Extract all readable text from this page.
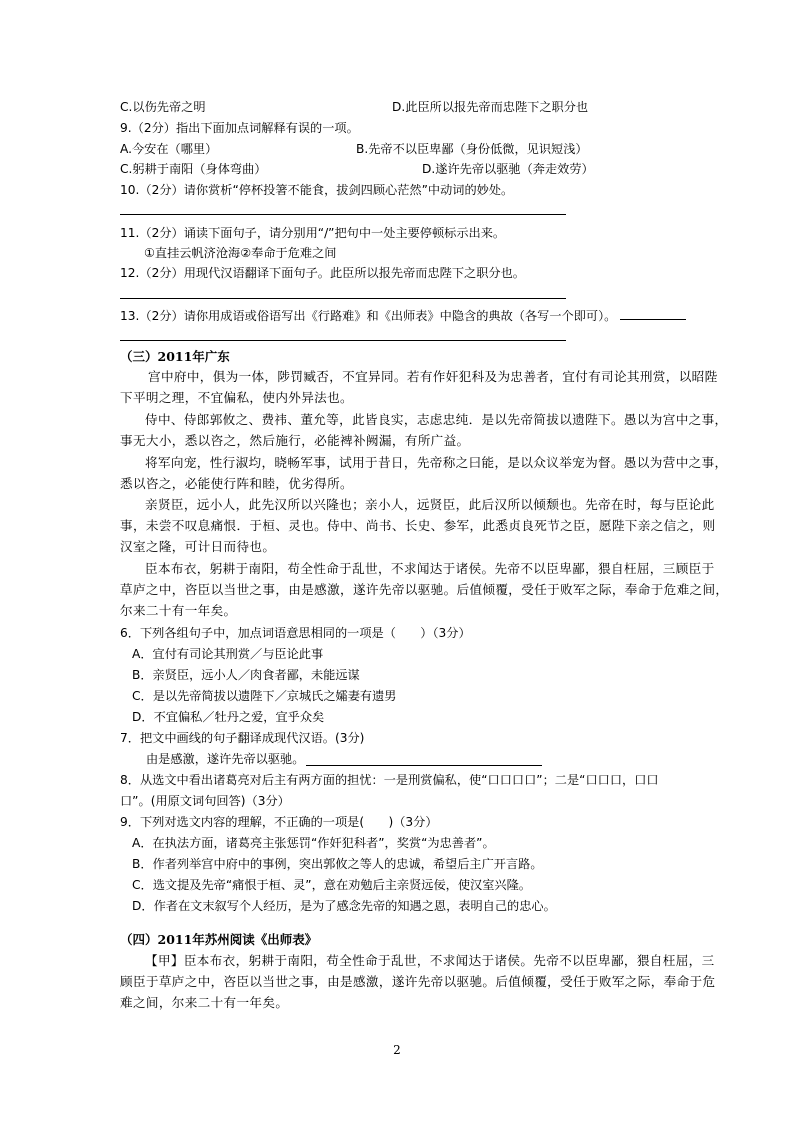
C.以伤先帝之明	D.此臣所以报先帝而忠陛下之职分也
9.（2分）指出下面加点词解释有误的一项。
A.今安在（哪里）	B.先帝不以臣卑鄙（身份低微，见识短浅）
C.躬耕于南阳（身体弯曲）	D.遂许先帝以驱驰（奔走效劳）
10.（2分）请你赏析“停杯投箸不能食，拔剑四顾心茫然”中动词的妙处。
11.（2分）诵读下面句子，请分别用“/”把句中一处主要停顿标示出来。
①直挂云帆济沧海②奉命于危难之间
12.（2分）用现代汉语翻译下面句子。此臣所以报先帝而忠陛下之职分也。
13.（2分）请你用成语或俗语写出《行路难》和《出师表》中隐含的典故（各写一个即可）。
（三）2011年广东
宫中府中，俱为一体，陟罚臧否，不宜异同。若有作奸犯科及为忠善者，宜付有司论其刑赏，以昭陛
下平明之理，不宜偏私，使内外异法也。
侍中、侍郎郭攸之、费祎、董允等，此皆良实，志虑忠纯．是以先帝简拔以遗陛下。愚以为宫中之事，
事无大小，悉以咨之，然后施行，必能裨补阙漏，有所广益。
将军向宠，性行淑均，晓畅军事，试用于昔日，先帝称之曰能，是以众议举宠为督。愚以为营中之事，
悉以咨之，必能使行阵和睦，优劣得所。
亲贤臣，远小人，此先汉所以兴隆也；亲小人，远贤臣，此后汉所以倾颓也。先帝在时，每与臣论此
事，未尝不叹息痛恨．于桓、灵也。侍中、尚书、长史、参军，此悉贞良死节之臣，愿陛下亲之信之，则
汉室之隆，可计日而待也。
臣本布衣，躬耕于南阳，苟全性命于乱世，不求闻达于诸侯。先帝不以臣卑鄙，猥自枉屈，三顾臣于
草庐之中，咨臣以当世之事，由是感激，遂许先帝以驱驰。后值倾覆，受任于败军之际，奉命于危难之间，
尔来二十有一年矣。
6．下列各组句子中，加点词语意思相同的一项是（　　）（3分）
A．宜付有司论其刑赏／与臣论此事
B．亲贤臣，远小人／肉食者鄙，未能远谋
C．是以先帝简拔以遗陛下／京城氏之孀妻有遗男
D．不宜偏私／牡丹之爱，宜乎众矣
7．把文中画线的句子翻译成现代汉语。(3分)
由是感激，遂许先帝以驱驰。
8．从选文中看出诸葛亮对后主有两方面的担忧：一是刑赏偏私，使“口口口口”；二是“口口口，口口
口”。(用原文词句回答)（3分）
9．下列对选文内容的理解，不正确的一项是(　　)（3分）
A．在执法方面，诸葛亮主张惩罚“作奸犯科者”，奖赏“为忠善者”。
B．作者列举宫中府中的事例，突出郭攸之等人的忠诚，希望后主广开言路。
C．选文提及先帝“痛恨于桓、灵”，意在劝勉后主亲贤远佞，使汉室兴隆。
D．作者在文末叙写个人经历，是为了感念先帝的知遇之恩，表明自己的忠心。
（四）2011年苏州阅读《出师表》
【甲】臣本布衣，躬耕于南阳，苟全性命于乱世，不求闻达于诸侯。先帝不以臣卑鄙，猥自枉屈，三
顾臣于草庐之中，咨臣以当世之事，由是感激，遂许先帝以驱驰。后值倾覆，受任于败军之际，奉命于危
难之间，尔来二十有一年矣。
2
